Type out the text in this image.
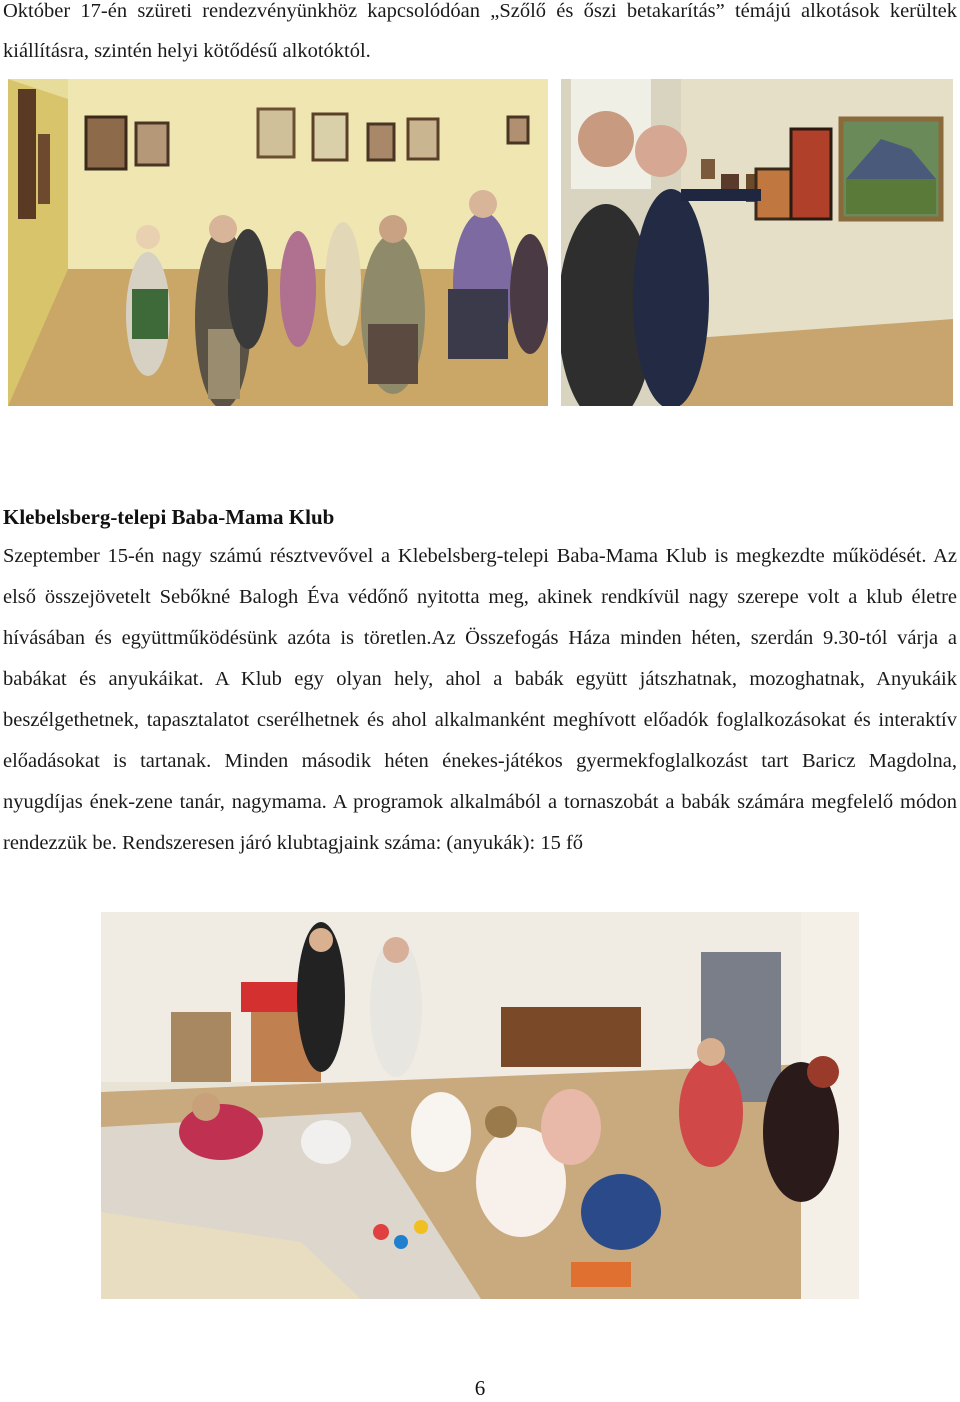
Október 17-én szüreti rendezvényünkhöz kapcsolódóan „Szőlő és őszi betakarítás” témájú alkotások kerültek kiállításra, szintén helyi kötődésű alkotóktól.

Klebelsberg-telepi Baba-Mama Klub

Szeptember 15-én nagy számú résztvevővel a Klebelsberg-telepi Baba-Mama Klub is megkezdte működését. Az első összejövetelt Sebőkné Balogh Éva védőnő nyitotta meg, akinek rendkívül nagy szerepe volt a klub életre hívásában és együttműködésünk azóta is töretlen.Az Összefogás Háza minden héten, szerdán 9.30-tól várja a babákat és anyukáikat. A Klub egy olyan hely, ahol a babák együtt játszhatnak, mozoghatnak, Anyukáik beszélgethetnek, tapasztalatot cserélhetnek és ahol alkalmanként meghívott előadók foglalkozásokat és interaktív előadásokat is tartanak. Minden második héten énekes-játékos gyermekfoglalkozást tart Baricz Magdolna, nyugdíjas ének-zene tanár, nagymama. A programok alkalmából a tornaszobát a babák számára megfelelő módon rendezzük be. Rendszeresen járó klubtagjaink száma: (anyukák): 15 fő

6
